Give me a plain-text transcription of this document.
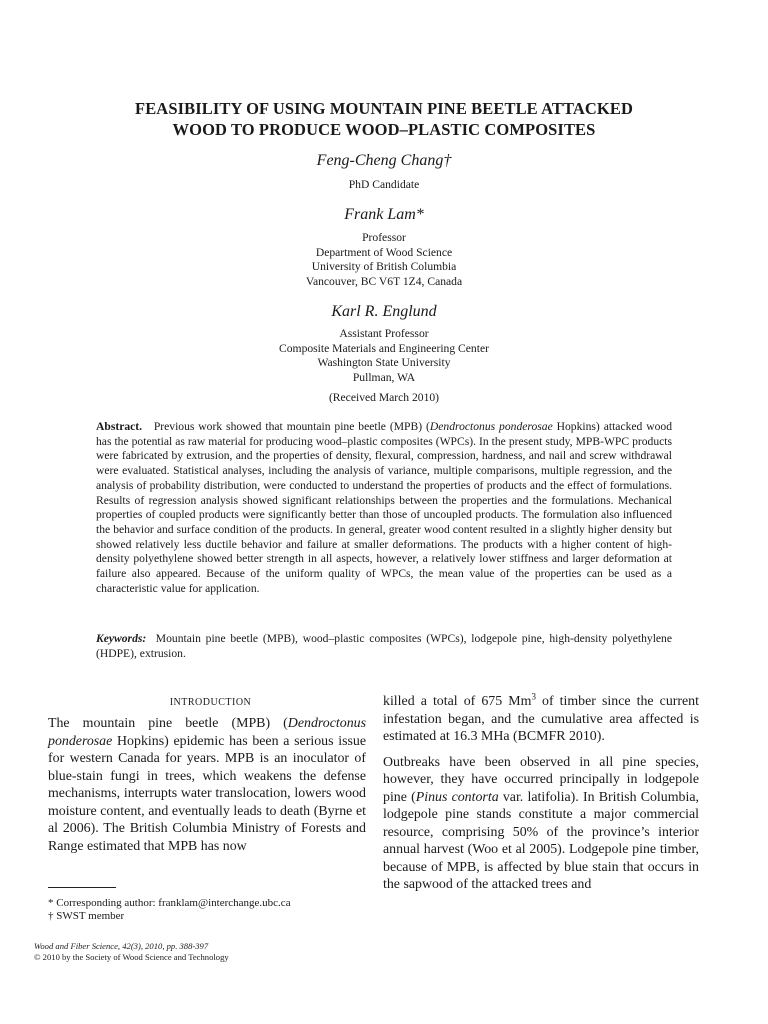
FEASIBILITY OF USING MOUNTAIN PINE BEETLE ATTACKED
WOOD TO PRODUCE WOOD–PLASTIC COMPOSITES
Feng-Cheng Chang†
PhD Candidate
Frank Lam*
Professor
Department of Wood Science
University of British Columbia
Vancouver, BC V6T 1Z4, Canada
Karl R. Englund
Assistant Professor
Composite Materials and Engineering Center
Washington State University
Pullman, WA
(Received March 2010)
Abstract. Previous work showed that mountain pine beetle (MPB) (Dendroctonus ponderosae Hopkins) attacked wood has the potential as raw material for producing wood–plastic composites (WPCs). In the present study, MPB-WPC products were fabricated by extrusion, and the properties of density, flexural, compression, hardness, and nail and screw withdrawal were evaluated. Statistical analyses, including the analysis of variance, multiple comparisons, multiple regression, and the analysis of probability distribution, were conducted to understand the properties of products and the effect of formulations. Results of regression analysis showed significant relationships between the properties and the formulations. Mechanical properties of coupled products were significantly better than those of uncoupled products. The formulation also influenced the behavior and surface condition of the products. In general, greater wood content resulted in a slightly higher density but showed relatively less ductile behavior and failure at smaller deformations. The products with a higher content of high-density polyethylene showed better strength in all aspects, however, a relatively lower stiffness and larger deformation at failure also appeared. Because of the uniform quality of WPCs, the mean value of the properties can be used as a characteristic value for application.
Keywords: Mountain pine beetle (MPB), wood–plastic composites (WPCs), lodgepole pine, high-density polyethylene (HDPE), extrusion.
INTRODUCTION

The mountain pine beetle (MPB) (Dendroctonus ponderosae Hopkins) epidemic has been a serious issue for western Canada for years. MPB is an inoculator of blue-stain fungi in trees, which weakens the defense mechanisms, interrupts water translocation, lowers wood moisture content, and eventually leads to death (Byrne et al 2006). The British Columbia Ministry of Forests and Range estimated that MPB has now

killed a total of 675 Mm$^3$ of timber since the current infestation began, and the cumulative area affected is estimated at 16.3 MHa (BCMFR 2010).

Outbreaks have been observed in all pine species, however, they have occurred principally in lodgepole pine (Pinus contorta var. latifolia). In British Columbia, lodgepole pine stands constitute a major commercial resource, comprising 50% of the province’s interior annual harvest (Woo et al 2005). Lodgepole pine timber, because of MPB, is affected by blue stain that occurs in the sapwood of the attacked trees and

* Corresponding author: franklam@interchange.ubc.ca
† SWST member
Wood and Fiber Science, 42(3), 2010, pp. 388-397
© 2010 by the Society of Wood Science and Technology
